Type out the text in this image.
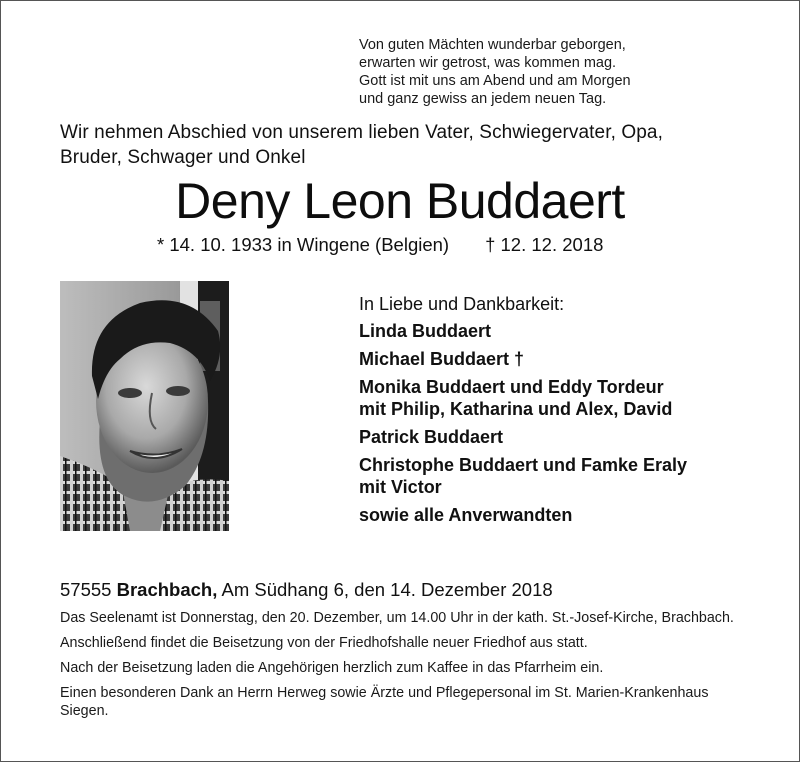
Von guten Mächten wunderbar geborgen,
erwarten wir getrost, was kommen mag.
Gott ist mit uns am Abend und am Morgen
und ganz gewiss an jedem neuen Tag.
Wir nehmen Abschied von unserem lieben Vater, Schwiegervater, Opa,
Bruder, Schwager und Onkel
Deny Leon Buddaert
* 14. 10. 1933 in Wingene (Belgien) † 12. 12. 2018
In Liebe und Dankbarkeit:
Linda Buddaert
Michael Buddaert †
Monika Buddaert und Eddy Tordeur
mit Philip, Katharina und Alex, David
Patrick Buddaert
Christophe Buddaert und Famke Eraly
mit Victor
sowie alle Anverwandten
57555 Brachbach, Am Südhang 6, den 14. Dezember 2018

Das Seelenamt ist Donnerstag, den 20. Dezember, um 14.00 Uhr in der kath. St.-Josef-Kirche, Brachbach.

Anschließend findet die Beisetzung von der Friedhofshalle neuer Friedhof aus statt.

Nach der Beisetzung laden die Angehörigen herzlich zum Kaffee in das Pfarrheim ein.

Einen besonderen Dank an Herrn Herweg sowie Ärzte und Pflegepersonal im St. Marien-Krankenhaus Siegen.
